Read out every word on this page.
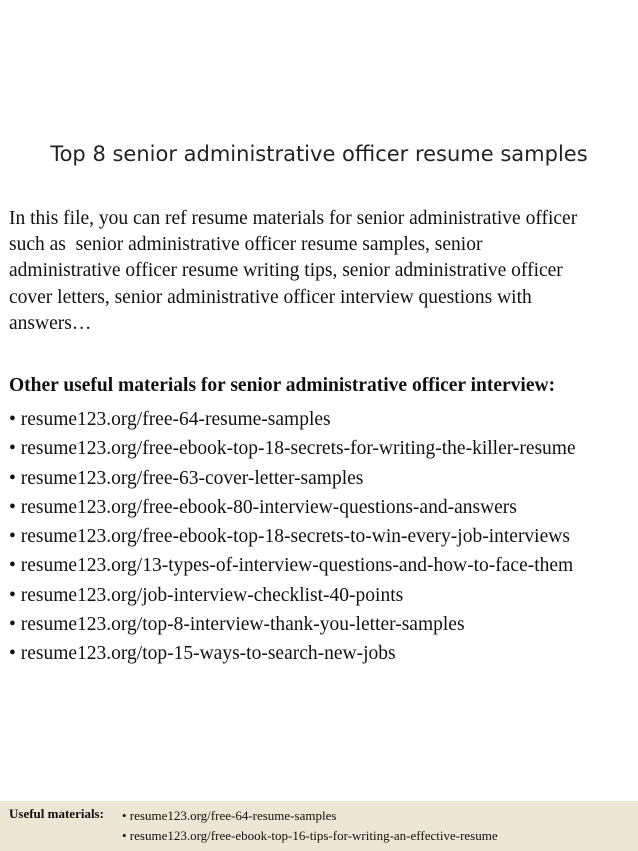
Top 8 senior administrative officer resume samples
In this file, you can ref resume materials for senior administrative officer
such as  senior administrative officer resume samples, senior
administrative officer resume writing tips, senior administrative officer
cover letters, senior administrative officer interview questions with
answers…
Other useful materials for senior administrative officer interview:
• resume123.org/free-64-resume-samples
• resume123.org/free-ebook-top-18-secrets-for-writing-the-killer-resume
• resume123.org/free-63-cover-letter-samples
• resume123.org/free-ebook-80-interview-questions-and-answers
• resume123.org/free-ebook-top-18-secrets-to-win-every-job-interviews
• resume123.org/13-types-of-interview-questions-and-how-to-face-them
• resume123.org/job-interview-checklist-40-points
• resume123.org/top-8-interview-thank-you-letter-samples
• resume123.org/top-15-ways-to-search-new-jobs
Useful materials: • resume123.org/free-64-resume-samples
• resume123.org/free-ebook-top-16-tips-for-writing-an-effective-resume
